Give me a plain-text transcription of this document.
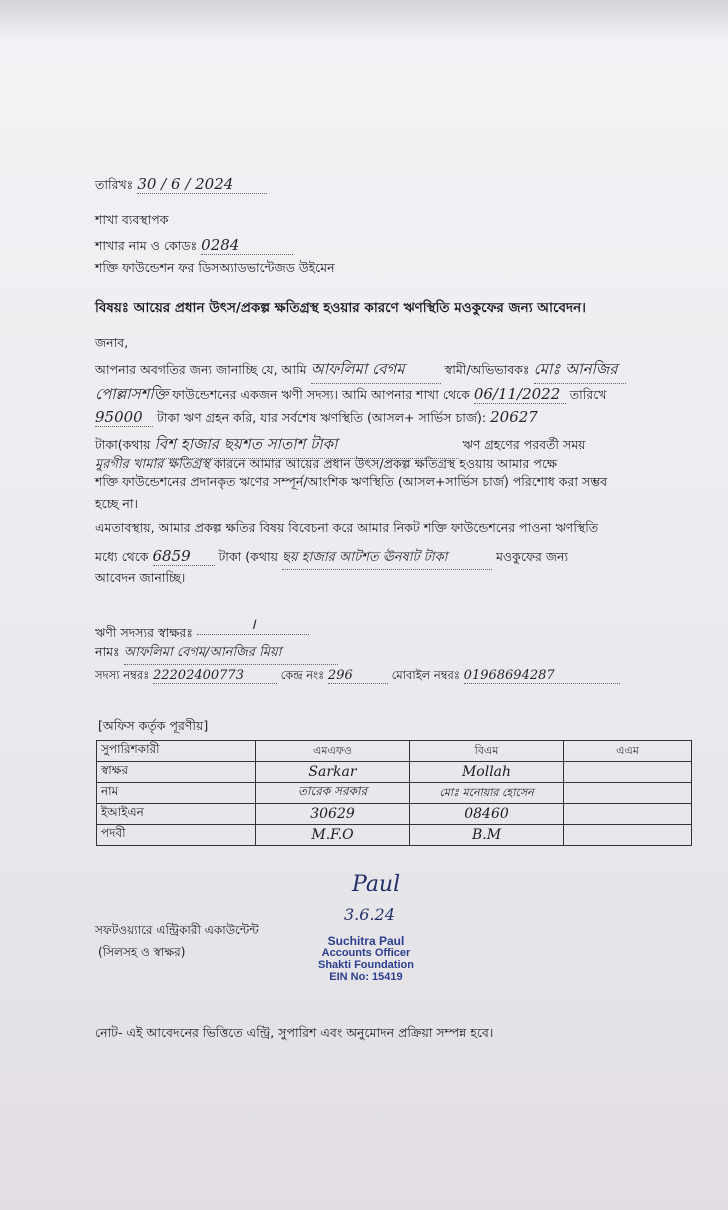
তারিখঃ 30 / 6 / 2024
শাখা ব্যবস্থাপক
শাখার নাম ও কোডঃ 0284
শক্তি ফাউন্ডেশন ফর ডিসঅ্যাডভান্টেজড উইমেন
বিষয়ঃ আয়ের প্রধান উৎস/প্রকল্প ক্ষতিগ্রস্থ হওয়ার কারণে ঋণস্থিতি মওকুফের জন্য আবেদন।
জনাব,
আপনার অবগতির জন্য জানাচ্ছি যে, আমি আফলিমা বেগম	স্বামী/অভিভাবকঃ মোঃ আনজির
পোল্লাসশক্তি ফাউন্ডেশনের একজন ঋণী সদস্য। আমি আপনার শাখা থেকে 06/11/2022 তারিখে
95000 টাকা ঋণ গ্রহন করি, যার সর্বশেষ ঋণস্থিতি (আসল+ সার্ভিস চার্জ): 20627
টাকা(কথায় বিশ হাজার ছয়শত সাতাশ টাকা	ঋণ গ্রহণের পরবর্তী সময়
মুরগীর খামার ক্ষতিগ্রস্থ কারনে আমার আয়ের প্রধান উৎস/প্রকল্প ক্ষতিগ্রস্থ হওয়ায় আমার পক্ষে
শক্তি ফাউন্ডেশনের প্রদানকৃত ঋণের সম্পূর্ন/আংশিক ঋণস্থিতি (আসল+সার্ভিস চার্জ) পরিশোধ করা সম্ভব
হচ্ছে না।
এমতাবস্থায়, আমার প্রকল্প ক্ষতির বিষয় বিবেচনা করে আমার নিকট শক্তি ফাউন্ডেশনের পাওনা ঋণস্থিতি
মধ্যে থেকে 6859 টাকা (কথায় ছয় হাজার আটশত ঊনষাট টাকা	মওকুফের জন্য
আবেদন জানাচ্ছি।
ঋণী সদস্যর স্বাক্ষরঃ	।
নামঃ আফলিমা বেগম/আনজির মিয়া
সদস্য নম্বরঃ 22202400773	কেন্দ্র নংঃ 296	মোবাইল নম্বরঃ 01968694287
[অফিস কর্তৃক পূরণীয়]
সুপারিশকারী	এমএফও	বিএম	এএম
স্বাক্ষর	Sarkar	Mollah	
নাম	তারেক সরকার	মোঃ মনোয়ার হোসেন	
ইআইএন	30629	08460	
পদবী	M.F.O	B.M	
সফটওয়্যারে এন্ট্রিকারী একাউন্টেন্ট
(সিলসহ ও স্বাক্ষর)
Paul
3.6.24
Suchitra Paul
Accounts Officer
Shakti Foundation
EIN No: 15419
নোট- এই আবেদনের ভিত্তিতে এন্ট্রি, সুপারিশ এবং অনুমোদন প্রক্রিয়া সম্পন্ন হবে।
